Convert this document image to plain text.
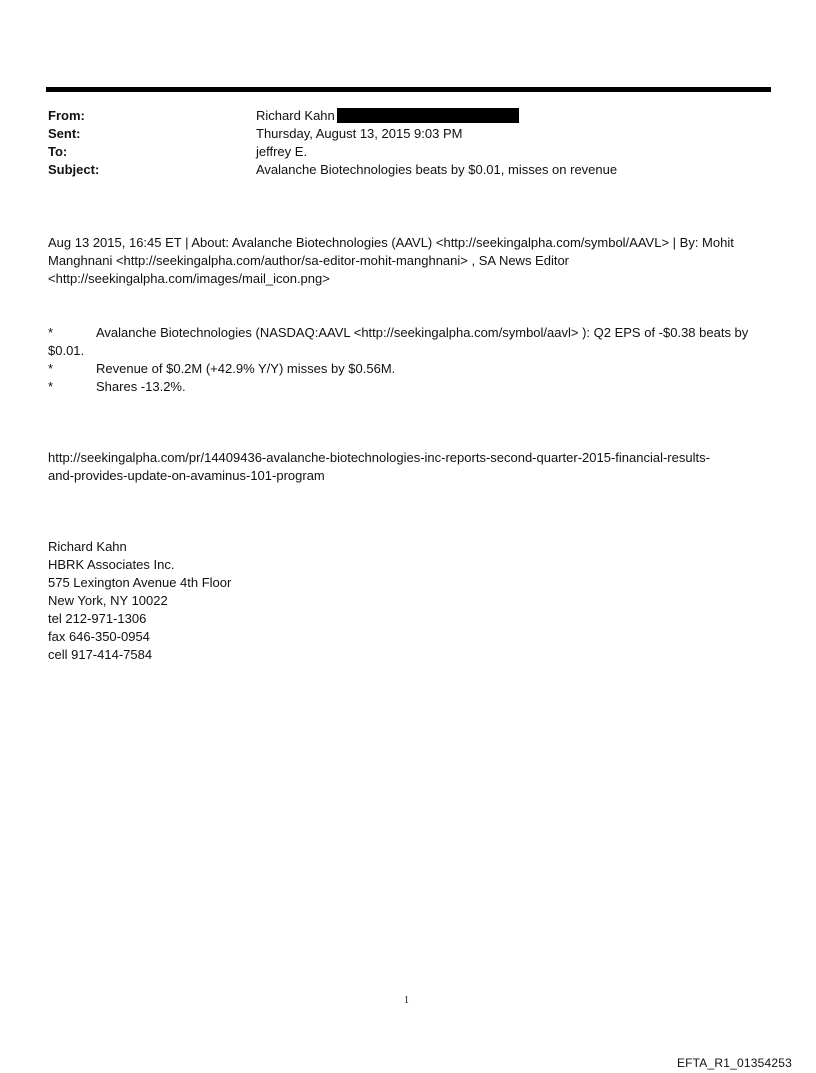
From:	Richard Kahn
Sent:	Thursday, August 13, 2015 9:03 PM
To:	jeffrey E.
Subject:	Avalanche Biotechnologies beats by $0.01, misses on revenue
Aug 13 2015, 16:45 ET | About: Avalanche Biotechnologies (AAVL) <http://seekingalpha.com/symbol/AAVL> | By: Mohit
Manghnani <http://seekingalpha.com/author/sa-editor-mohit-manghnani> , SA News Editor
<http://seekingalpha.com/images/mail_icon.png>
*	Avalanche Biotechnologies (NASDAQ:AAVL <http://seekingalpha.com/symbol/aavl> ): Q2 EPS of -$0.38 beats by
$0.01.
*	Revenue of $0.2M (+42.9% Y/Y) misses by $0.56M.
*	Shares -13.2%.
http://seekingalpha.com/pr/14409436-avalanche-biotechnologies-inc-reports-second-quarter-2015-financial-results-
and-provides-update-on-avaminus-101-program
Richard Kahn
HBRK Associates Inc.
575 Lexington Avenue 4th Floor
New York, NY 10022
tel 212-971-1306
fax 646-350-0954
cell 917-414-7584
1
EFTA_R1_01354253
